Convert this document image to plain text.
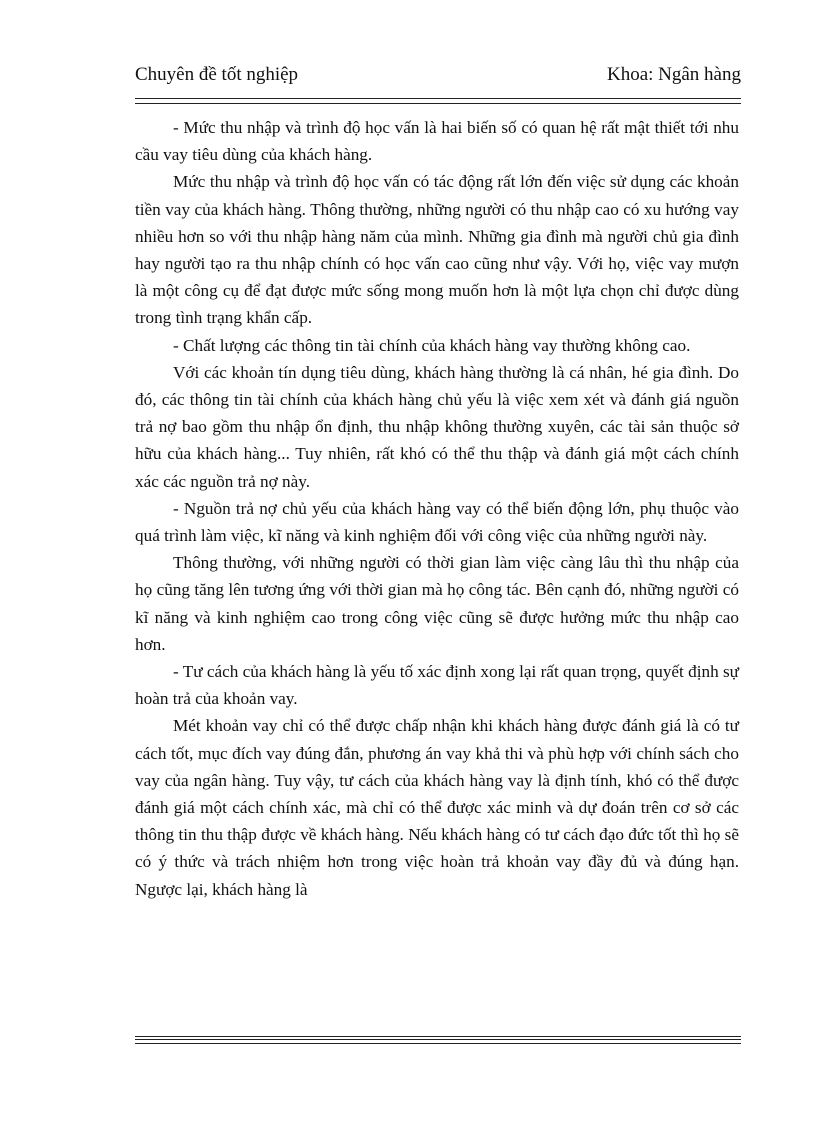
Chuyên đề tốt nghiệp	Khoa: Ngân hàng

- Mức thu nhập và trình độ học vấn là hai biến số có quan hệ rất mật thiết tới nhu cầu vay tiêu dùng của khách hàng.

Mức thu nhập và trình độ học vấn có tác động rất lớn đến việc sử dụng các khoản tiền vay của khách hàng. Thông thường, những người có thu nhập cao có xu hướng vay nhiều hơn so với thu nhập hàng năm của mình. Những gia đình mà người chủ gia đình hay người tạo ra thu nhập chính có học vấn cao cũng như vậy. Với họ, việc vay mượn là một công cụ để đạt được mức sống mong muốn hơn là một lựa chọn chỉ được dùng trong tình trạng khẩn cấp.

- Chất lượng các thông tin tài chính của khách hàng vay thường không cao.

Với các khoản tín dụng tiêu dùng, khách hàng thường là cá nhân, hé gia đình. Do đó, các thông tin tài chính của khách hàng chủ yếu là việc xem xét và đánh giá nguồn trả nợ bao gồm thu nhập ổn định, thu nhập không thường xuyên, các tài sản thuộc sở hữu của khách hàng... Tuy nhiên, rất khó có thể thu thập và đánh giá một cách chính xác các nguồn trả nợ này.

- Nguồn trả nợ chủ yếu của khách hàng vay có thể biến động lớn, phụ thuộc vào quá trình làm việc, kĩ năng và kinh nghiệm đối với công việc của những người này.

Thông thường, với những người có thời gian làm việc càng lâu thì thu nhập của họ cũng tăng lên tương ứng với thời gian mà họ công tác. Bên cạnh đó, những người có kĩ năng và kinh nghiệm cao trong công việc cũng sẽ được hưởng mức thu nhập cao hơn.

- Tư cách của khách hàng là yếu tố xác định xong lại rất quan trọng, quyết định sự hoàn trả của khoản vay.

Mét khoản vay chỉ có thể được chấp nhận khi khách hàng được đánh giá là có tư cách tốt, mục đích vay đúng đắn, phương án vay khả thi và phù hợp với chính sách cho vay của ngân hàng. Tuy vậy, tư cách của khách hàng vay là định tính, khó có thể được đánh giá một cách chính xác, mà chỉ có thể được xác minh và dự đoán trên cơ sở các thông tin thu thập được về khách hàng. Nếu khách hàng có tư cách đạo đức tốt thì họ sẽ có ý thức và trách nhiệm hơn trong việc hoàn trả khoản vay đầy đủ và đúng hạn. Ngược lại, khách hàng là
